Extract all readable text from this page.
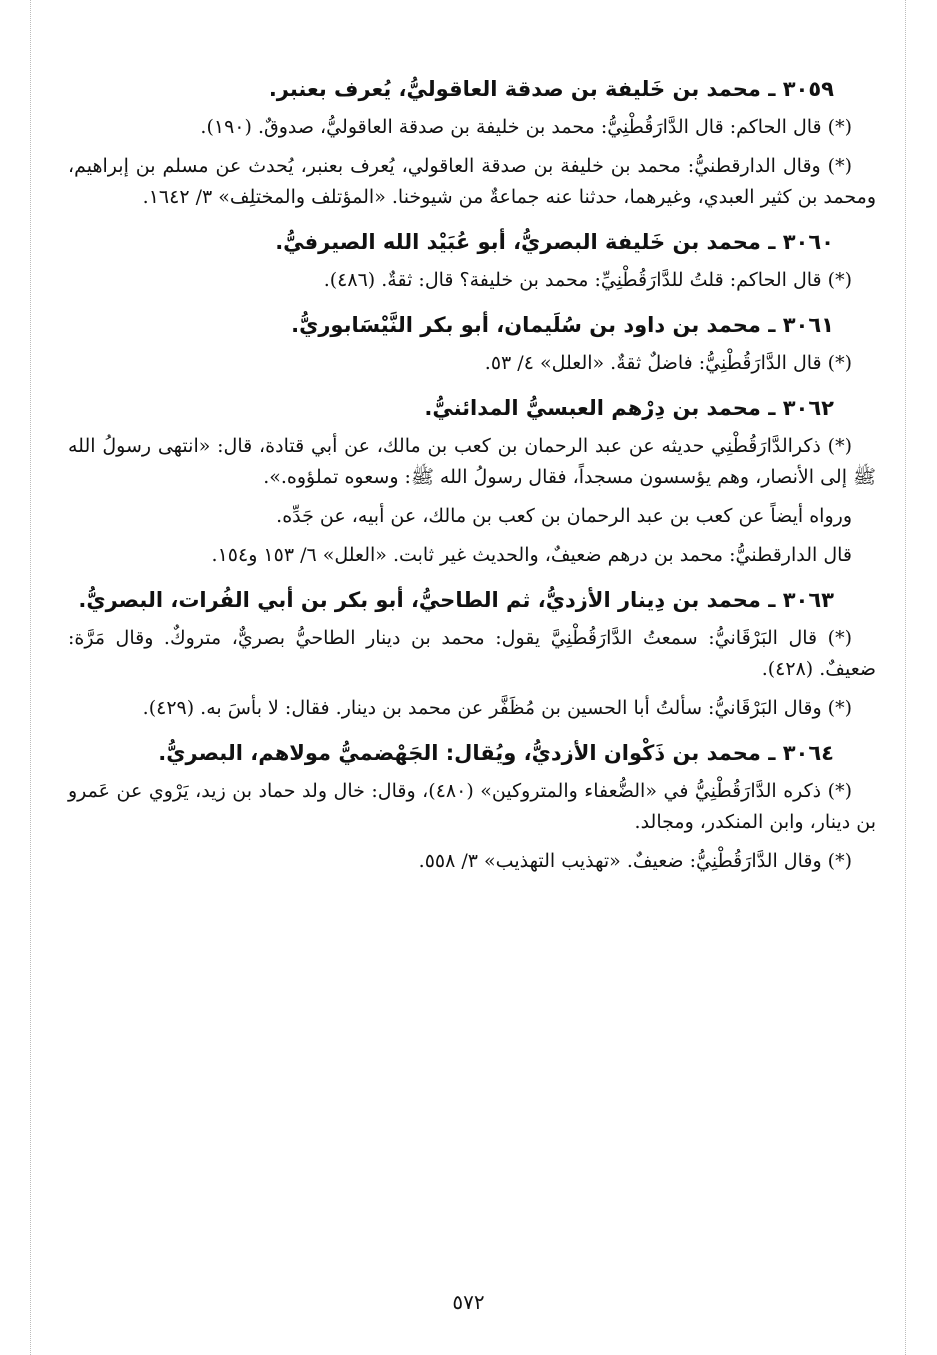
٣٠٥٩ ـ محمد بن خَليفة بن صدقة العاقوليُّ، يُعرف بعنبر.

(*) قال الحاكم: قال الدَّارَقُطْنِيُّ: محمد بن خليفة بن صدقة العاقوليُّ، صدوقٌ. (١٩٠).

(*) وقال الدارقطنيُّ: محمد بن خليفة بن صدقة العاقولي، يُعرف بعنبر، يُحدث عن مسلم بن إبراهيم، ومحمد بن كثير العبدي، وغيرهما، حدثنا عنه جماعةٌ من شيوخنا. «المؤتلف والمختلِف» ٣/ ١٦٤٢.

٣٠٦٠ ـ محمد بن خَليفة البصريُّ، أبو عُبَيْد الله الصيرفيُّ.

(*) قال الحاكم: قلتُ للدَّارَقُطْنِيِّ: محمد بن خليفة؟ قال: ثقةٌ. (٤٨٦).

٣٠٦١ ـ محمد بن داود بن سُلَيمان، أبو بكر النَّيْسَابوريُّ.

(*) قال الدَّارَقُطْنِيُّ: فاضلٌ ثقةٌ. «العلل» ٤/ ٥٣.

٣٠٦٢ ـ محمد بن دِرْهم العبسيُّ المدائنيُّ.

(*) ذكرالدَّارَقُطْنِي حديثه عن عبد الرحمان بن كعب بن مالك، عن أبي قتادة، قال: «انتهى رسولُ الله ﷺ إلى الأنصار، وهم يؤسسون مسجداً، فقال رسولُ الله ﷺ: وسعوه تملؤوه.».

ورواه أيضاً عن كعب بن عبد الرحمان بن كعب بن مالك، عن أبيه، عن جَدِّه.

قال الدارقطنيُّ: محمد بن درهم ضعيفٌ، والحديث غير ثابت. «العلل» ٦/ ١٥٣ و١٥٤.

٣٠٦٣ ـ محمد بن دِينار الأزديُّ، ثم الطاحيُّ، أبو بكر بن أبي الفُرات، البصريُّ.

(*) قال البَرْقَانيُّ: سمعتُ الدَّارَقُطْنِيَّ يقول: محمد بن دينار الطاحيُّ بصريٌّ، متروكٌ. وقال مَرَّة: ضعيفٌ. (٤٢٨).

(*) وقال البَرْقَانيُّ: سألتُ أبا الحسين بن مُظَفَّر عن محمد بن دينار. فقال: لا بأسَ به. (٤٢٩).

٣٠٦٤ ـ محمد بن ذَكْوان الأزديُّ، ويُقال: الجَهْضميُّ مولاهم، البصريُّ.

(*) ذكره الدَّارَقُطْنِيُّ في «الضُّعفاء والمتروكين» (٤٨٠)، وقال: خال ولد حماد بن زيد، يَرْوي عن عَمرو بن دينار، وابن المنكدر، ومجالد.

(*) وقال الدَّارَقُطْنِيُّ: ضعيفٌ. «تهذيب التهذيب» ٣/ ٥٥٨.

٥٧٢
